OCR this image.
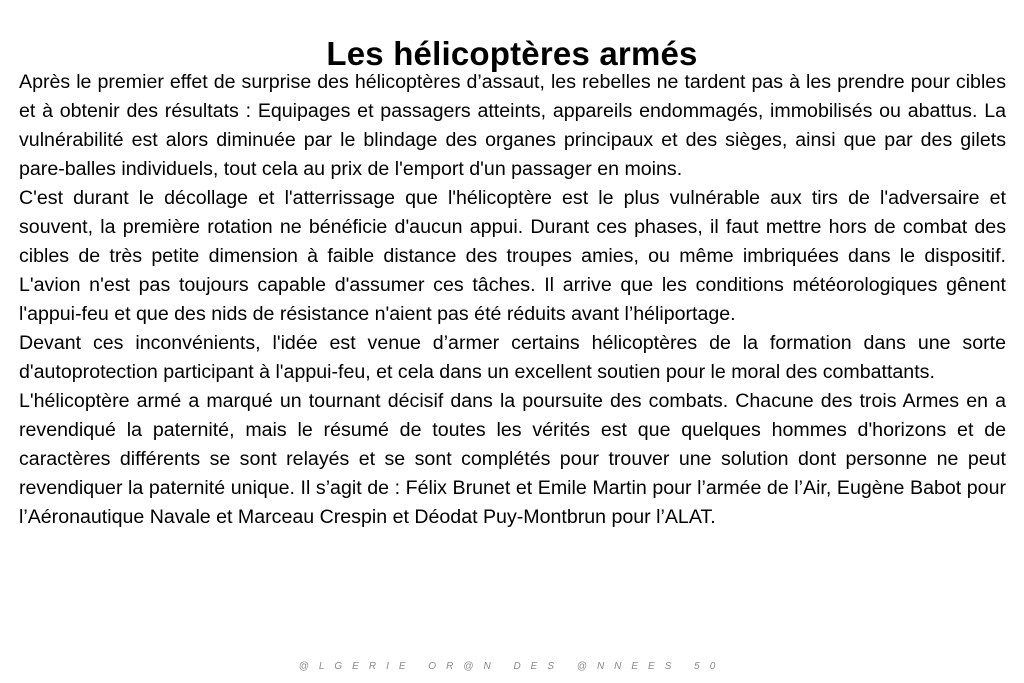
Les hélicoptères armés

Après le premier effet de surprise des hélicoptères d’assaut, les rebelles ne tardent pas à les prendre pour cibles et à obtenir des résultats : Equipages et passagers atteints, appareils endommagés, immobilisés ou abattus. La vulnérabilité est alors diminuée par le blindage des organes principaux et des sièges, ainsi que par des gilets pare-balles individuels, tout cela au prix de l'emport d'un passager en moins.

C'est durant le décollage et l'atterrissage que l'hélicoptère est le plus vulnérable aux tirs de l'adversaire et souvent, la première rotation ne bénéficie d'aucun appui. Durant ces phases, il faut mettre hors de combat des cibles de très petite dimension à faible distance des troupes amies, ou même imbriquées dans le dispositif. L'avion n'est pas toujours capable d'assumer ces tâches. Il arrive que les conditions météorologiques gênent l'appui-feu et que des nids de résistance n'aient pas été réduits avant l’héliportage.

Devant ces inconvénients, l'idée est venue d’armer certains hélicoptères de la formation dans une sorte d'autoprotection participant à l'appui-feu, et cela dans un excellent soutien pour le moral des combattants.

L'hélicoptère armé a marqué un tournant décisif dans la poursuite des combats. Chacune des trois Armes en a revendiqué la paternité, mais le résumé de toutes les vérités est que quelques hommes d'horizons et de caractères différents se sont relayés et se sont complétés pour trouver une solution dont personne ne peut revendiquer la paternité unique. Il s’agit de : Félix Brunet et Emile Martin pour l’armée de l’Air, Eugène Babot pour l’Aéronautique Navale et Marceau Crespin et Déodat Puy-Montbrun pour l’ALAT.

@LGERIE OR@N DES @NNEES 50
